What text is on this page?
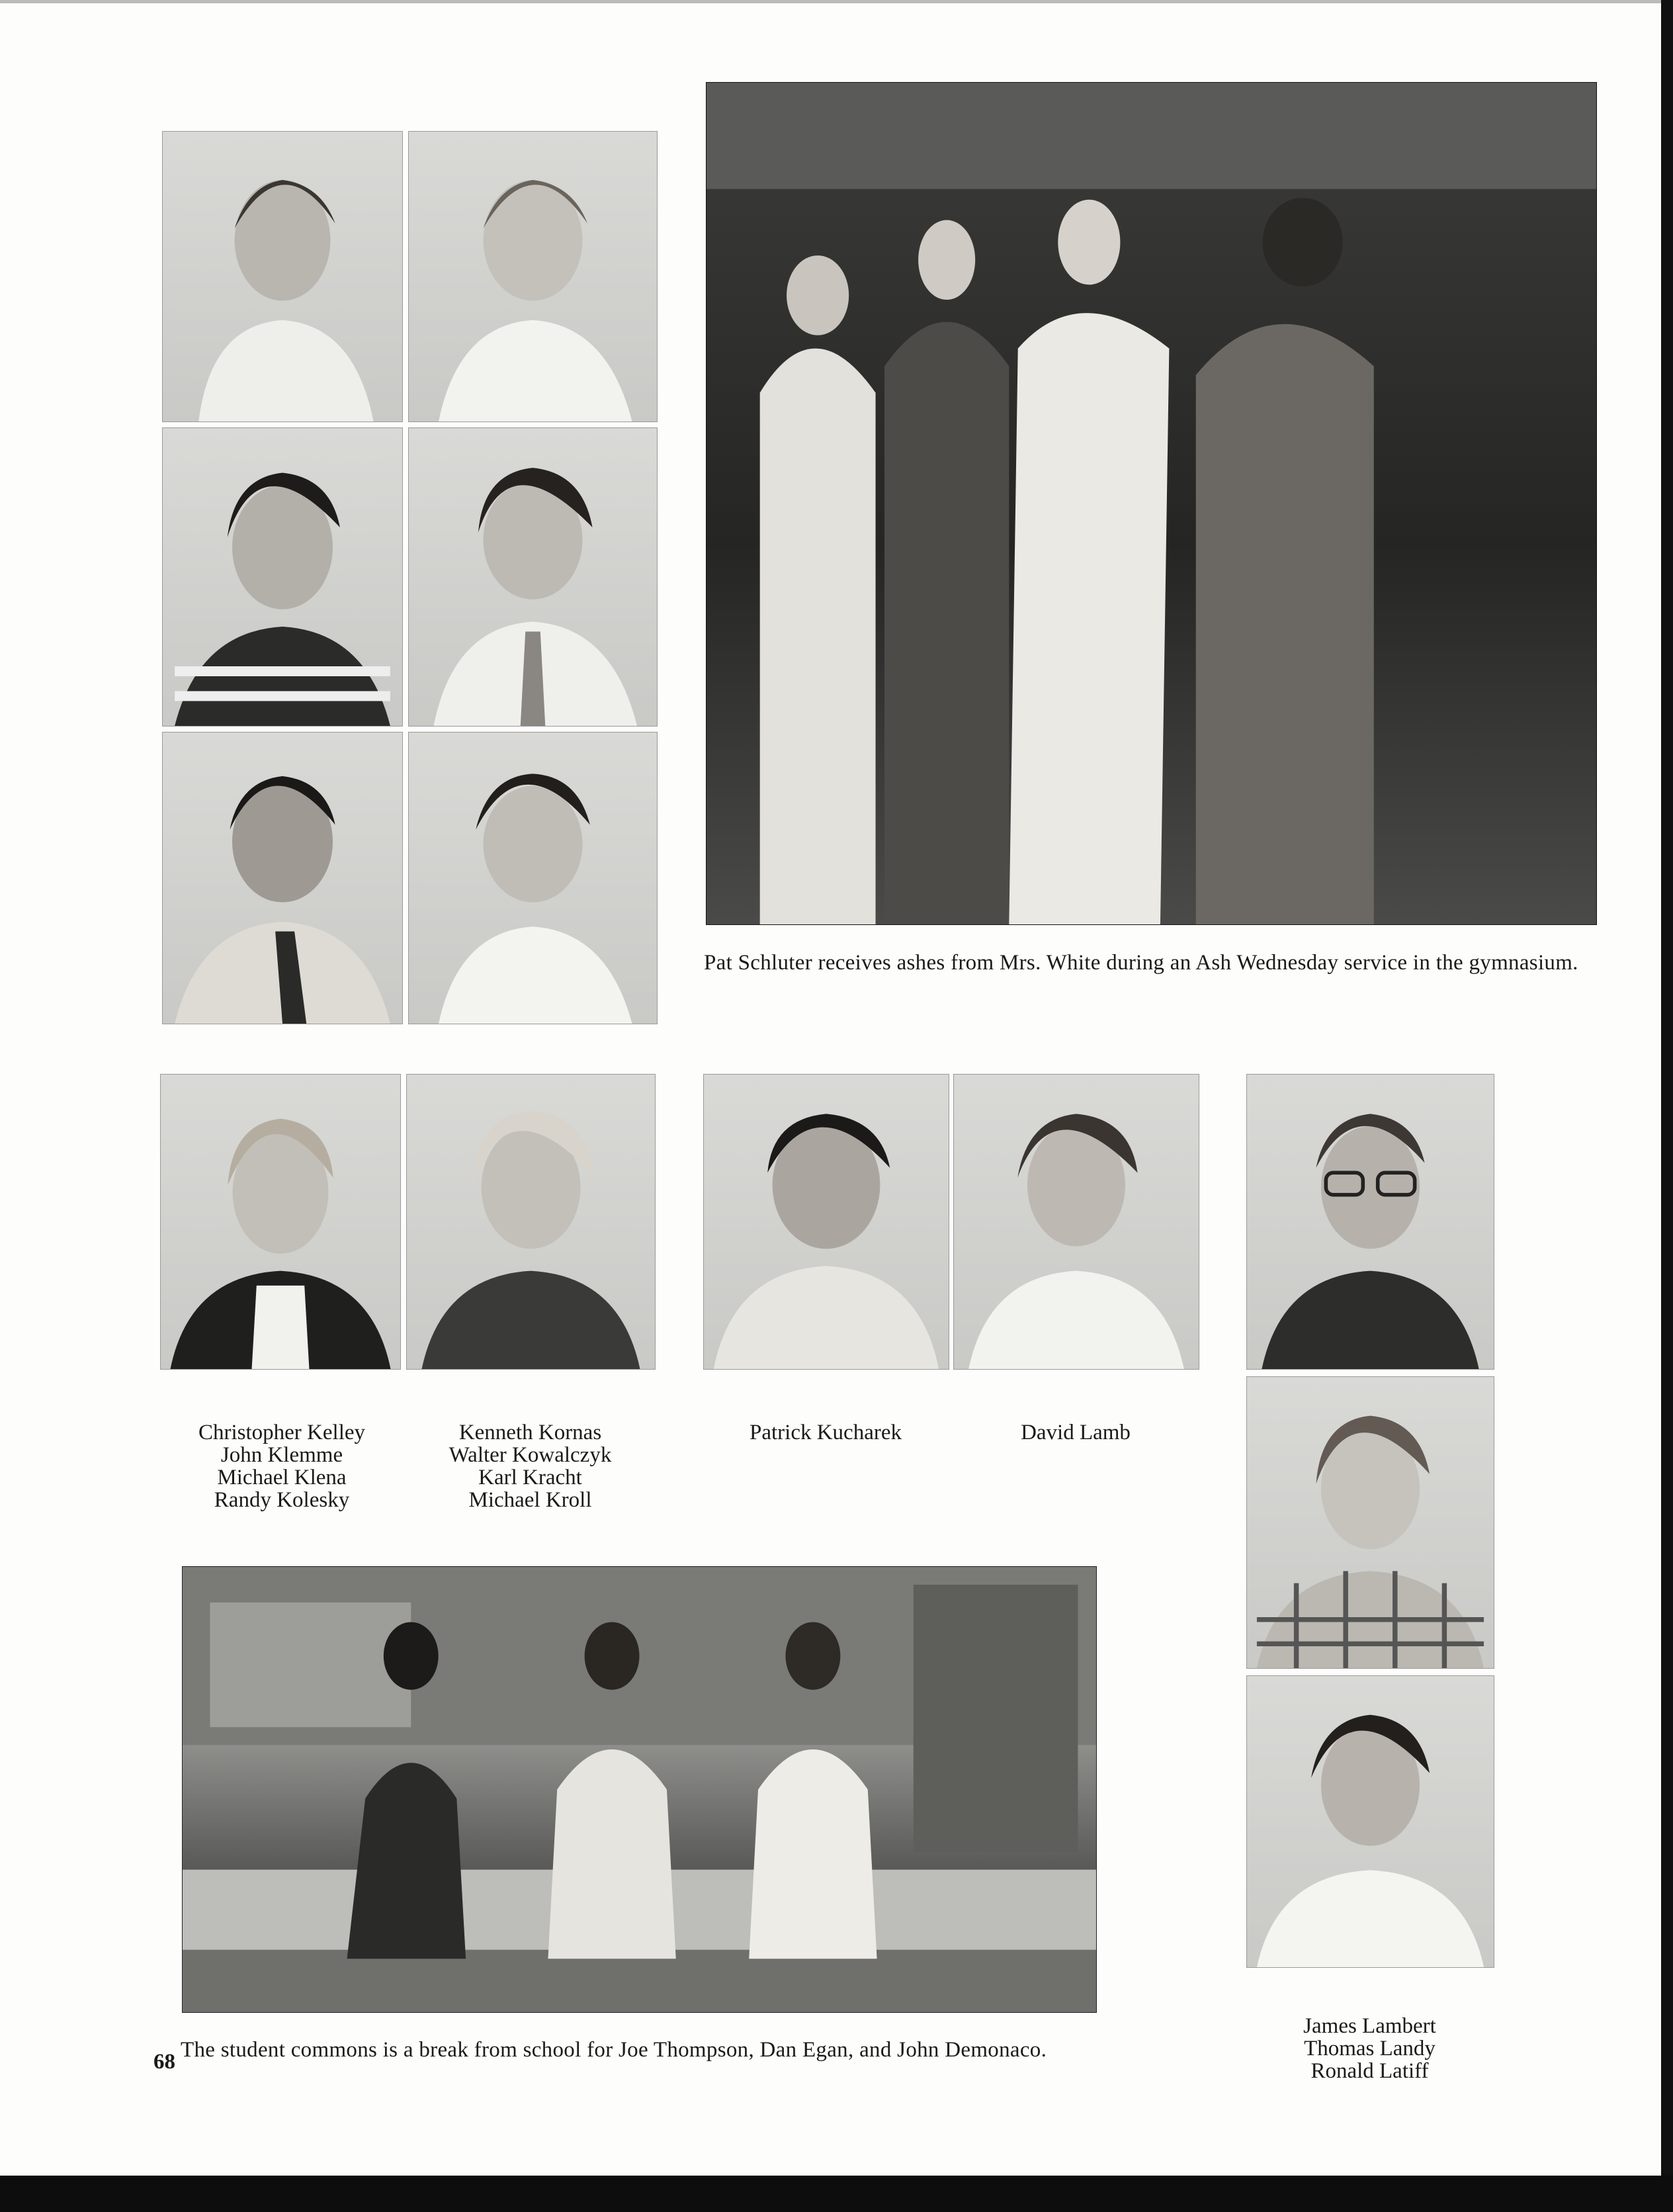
Pat Schluter receives ashes from Mrs. White during an Ash Wednesday service in the gymnasium.
Christopher Kelley
John Klemme
Michael Klena
Randy Kolesky
Kenneth Kornas
Walter Kowalczyk
Karl Kracht
Michael Kroll
Patrick Kucharek	David Lamb
James Lambert
Thomas Landy
Ronald Latiff
The student commons is a break from school for Joe Thompson, Dan Egan, and John Demonaco.
68
